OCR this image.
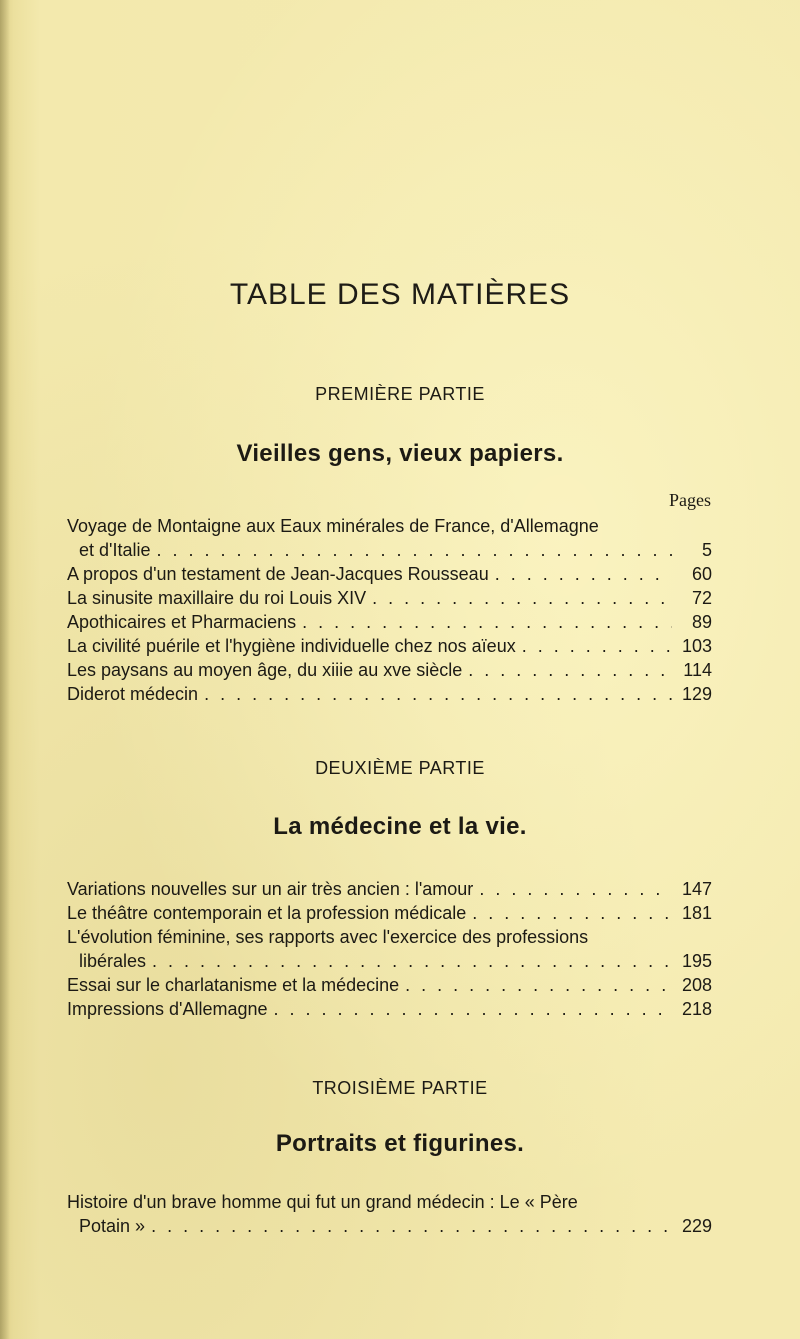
TABLE DES MATIÈRES
PREMIÈRE PARTIE
Vieilles gens, vieux papiers.
Pages
Voyage de Montaigne aux Eaux minérales de France, d'Allemagne
et d'Italie . . .	5
A propos d'un testament de Jean-Jacques Rousseau . . .	60
La sinusite maxillaire du roi Louis XIV . . .	72
Apothicaires et Pharmaciens . . .	89
La civilité puérile et l'hygiène individuelle chez nos aïeux . . .	103
Les paysans au moyen âge, du xiiie au xve siècle . . .	114
Diderot médecin . . .	129
DEUXIÈME PARTIE
La médecine et la vie.
Variations nouvelles sur un air très ancien : l'amour . . .	147
Le théâtre contemporain et la profession médicale . . .	181
L'évolution féminine, ses rapports avec l'exercice des professions
libérales . . .	195
Essai sur le charlatanisme et la médecine . . .	208
Impressions d'Allemagne . . .	218
TROISIÈME PARTIE
Portraits et figurines.
Histoire d'un brave homme qui fut un grand médecin : Le « Père
Potain » . . .	229
